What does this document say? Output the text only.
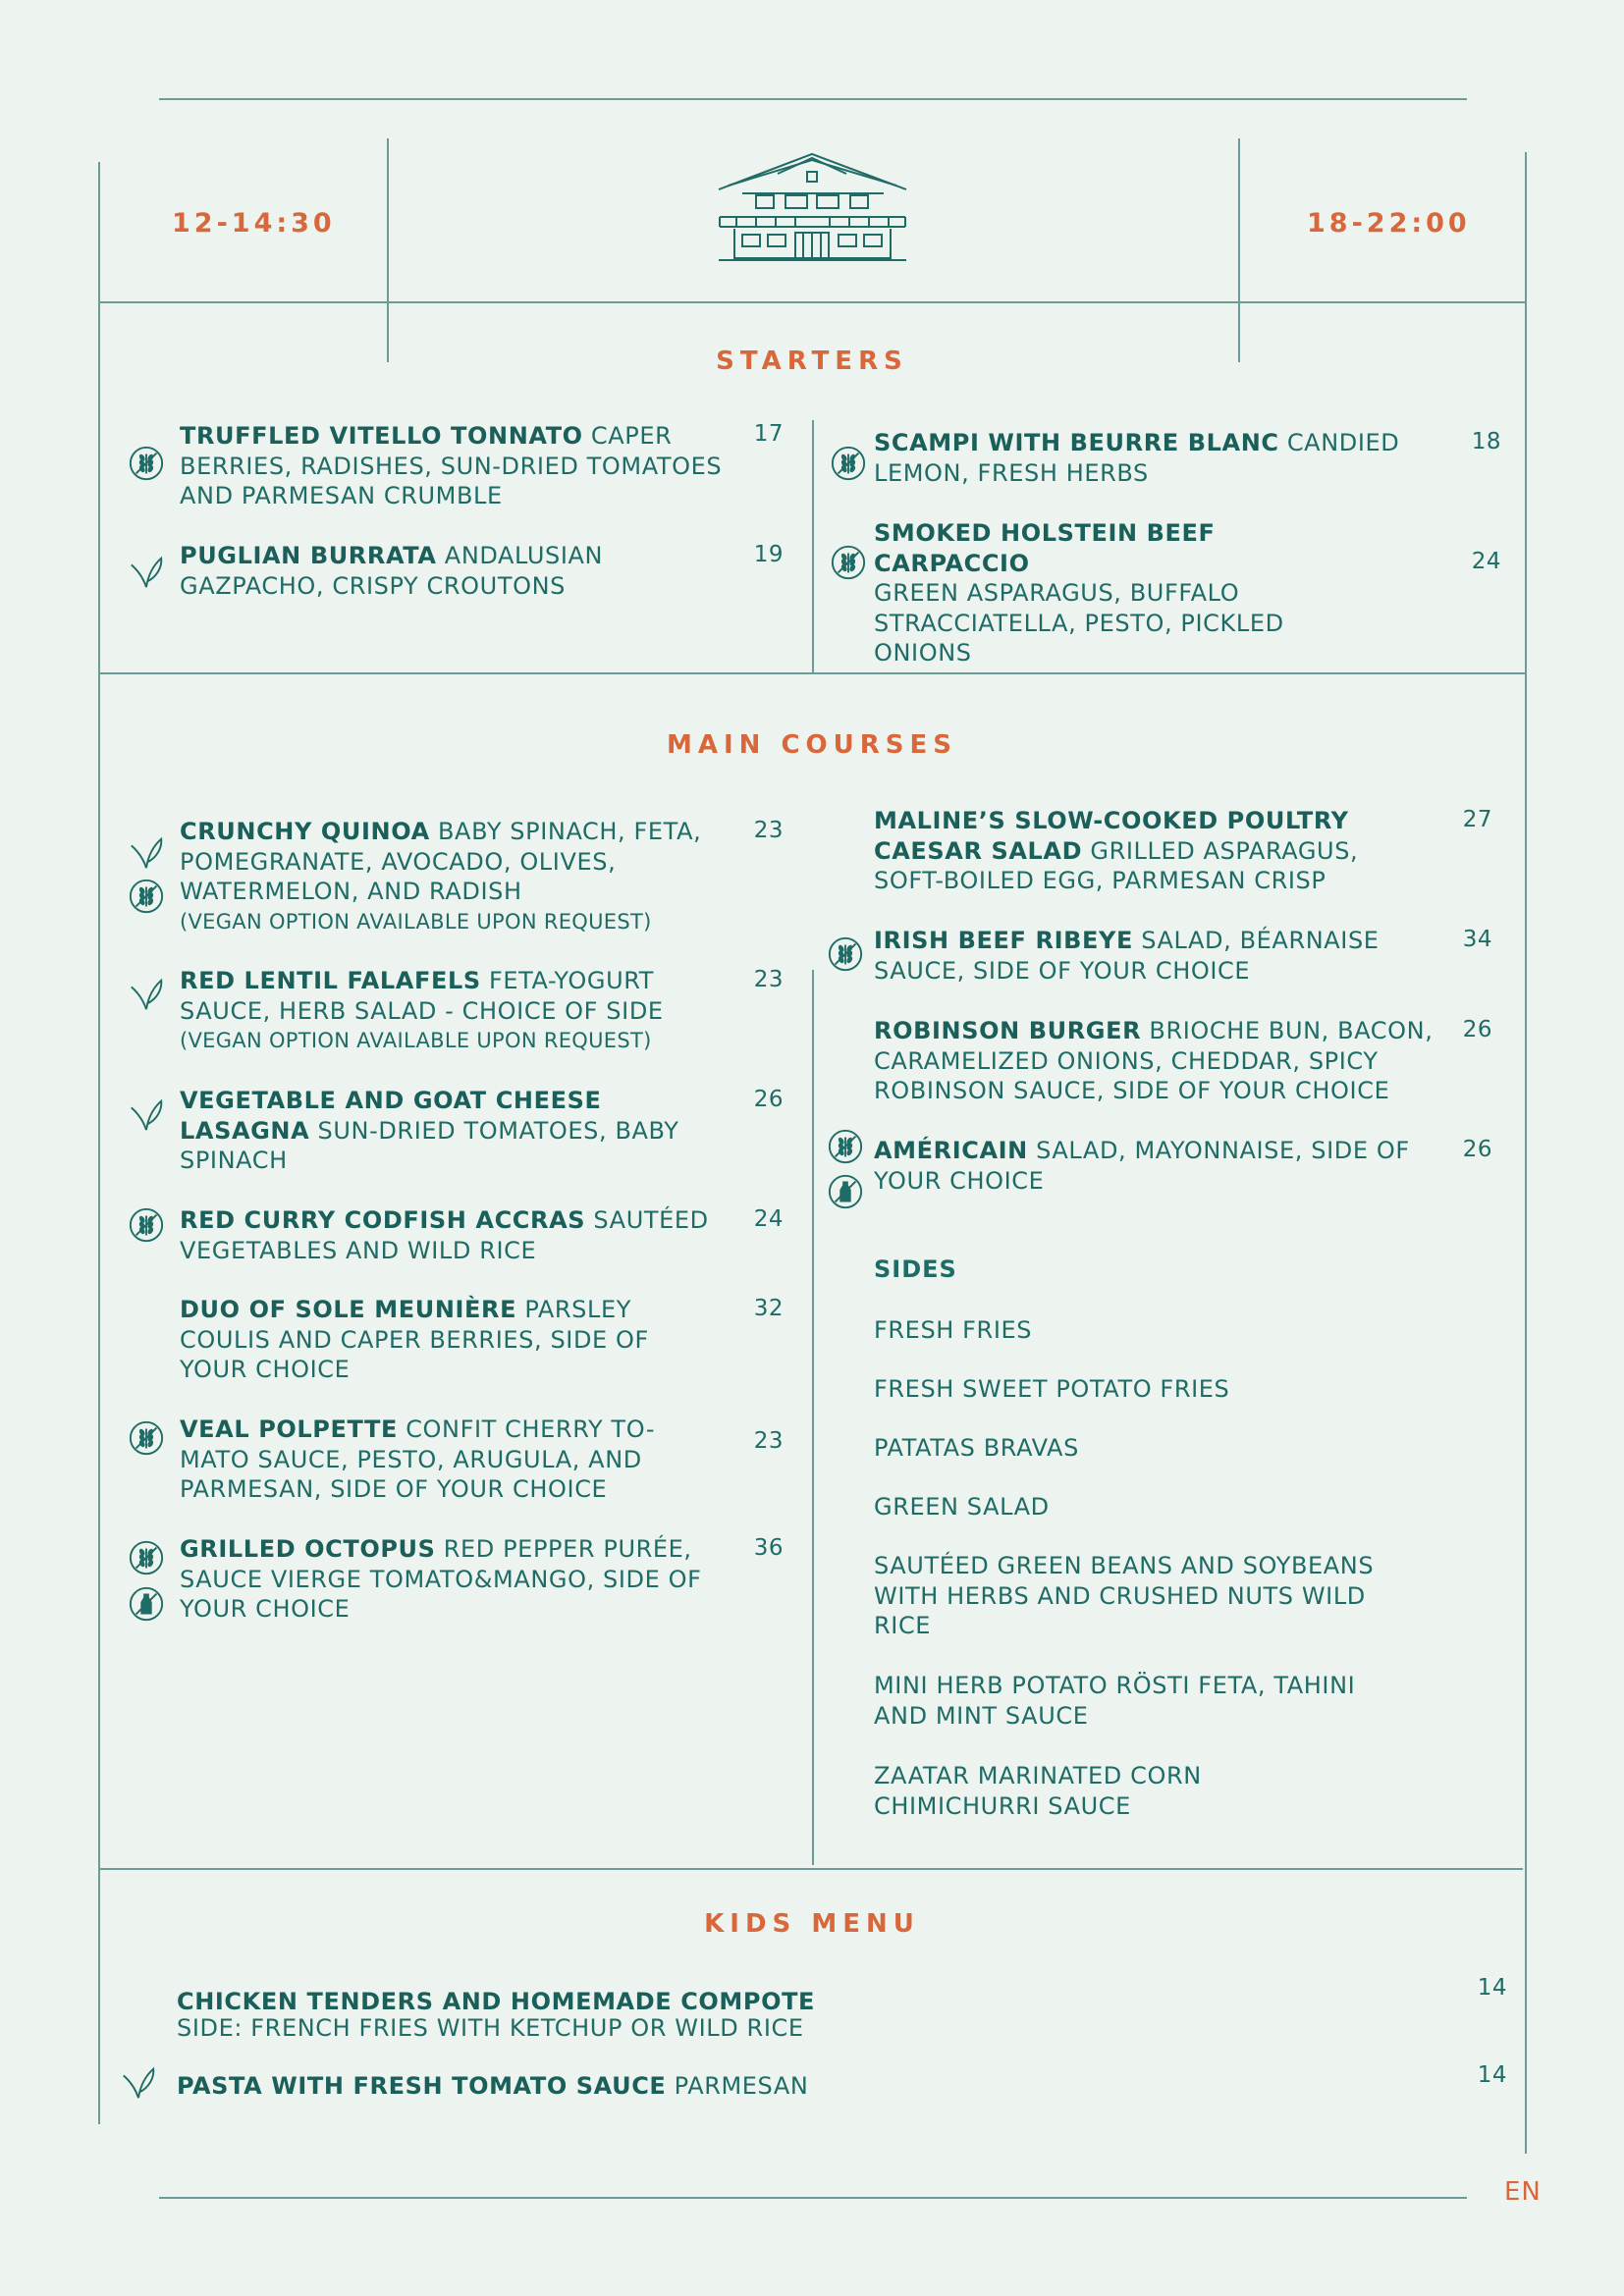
12-14:30	18-22:00
STARTERS
TRUFFLED VITELLO TONNATO CAPER BERRIES, RADISHES, SUN-DRIED TOMATOES AND PARMESAN CRUMBLE
17
PUGLIAN BURRATA ANDALUSIAN GAZPACHO, CRISPY CROUTONS
19
SCAMPI WITH BEURRE BLANC CANDIED LEMON, FRESH HERBS
18
SMOKED HOLSTEIN BEEF CARPACCIO
GREEN ASPARAGUS, BUFFALO STRACCIATELLA, PESTO, PICKLED ONIONS
24
MAIN COURSES
CRUNCHY QUINOA BABY SPINACH, FETA, POMEGRANATE, AVOCADO, OLIVES, WATERMELON, AND RADISH
(VEGAN OPTION AVAILABLE UPON REQUEST)
23
RED LENTIL FALAFELS FETA-YOGURT SAUCE, HERB SALAD - CHOICE OF SIDE
(VEGAN OPTION AVAILABLE UPON REQUEST)
23
VEGETABLE AND GOAT CHEESE LASAGNA SUN-DRIED TOMATOES, BABY SPINACH
26
RED CURRY CODFISH ACCRAS SAUTÉED VEGETABLES AND WILD RICE
24
DUO OF SOLE MEUNIÈRE PARSLEY COULIS AND CAPER BERRIES, SIDE OF YOUR CHOICE
32
VEAL POLPETTE CONFIT CHERRY TO-MATO SAUCE, PESTO, ARUGULA, AND PARMESAN, SIDE OF YOUR CHOICE
23
GRILLED OCTOPUS RED PEPPER PURÉE, SAUCE VIERGE TOMATO&MANGO, SIDE OF YOUR CHOICE
36
MALINE’S SLOW-COOKED POULTRY CAESAR SALAD GRILLED ASPARAGUS, SOFT-BOILED EGG, PARMESAN CRISP
27
IRISH BEEF RIBEYE SALAD, BÉARNAISE SAUCE, SIDE OF YOUR CHOICE
34
ROBINSON BURGER BRIOCHE BUN, BACON, CARAMELIZED ONIONS, CHEDDAR, SPICY ROBINSON SAUCE, SIDE OF YOUR CHOICE
26
AMÉRICAIN SALAD, MAYONNAISE, SIDE OF YOUR CHOICE
26
SIDES
FRESH FRIES
FRESH SWEET POTATO FRIES
PATATAS BRAVAS
GREEN SALAD
SAUTÉED GREEN BEANS AND SOYBEANS WITH HERBS AND CRUSHED NUTS WILD RICE
MINI HERB POTATO RÖSTI FETA, TAHINI AND MINT SAUCE
ZAATAR MARINATED CORN CHIMICHURRI SAUCE
KIDS MENU
CHICKEN TENDERS AND HOMEMADE COMPOTE
SIDE: FRENCH FRIES WITH KETCHUP OR WILD RICE
14
PASTA WITH FRESH TOMATO SAUCE PARMESAN	14
EN
